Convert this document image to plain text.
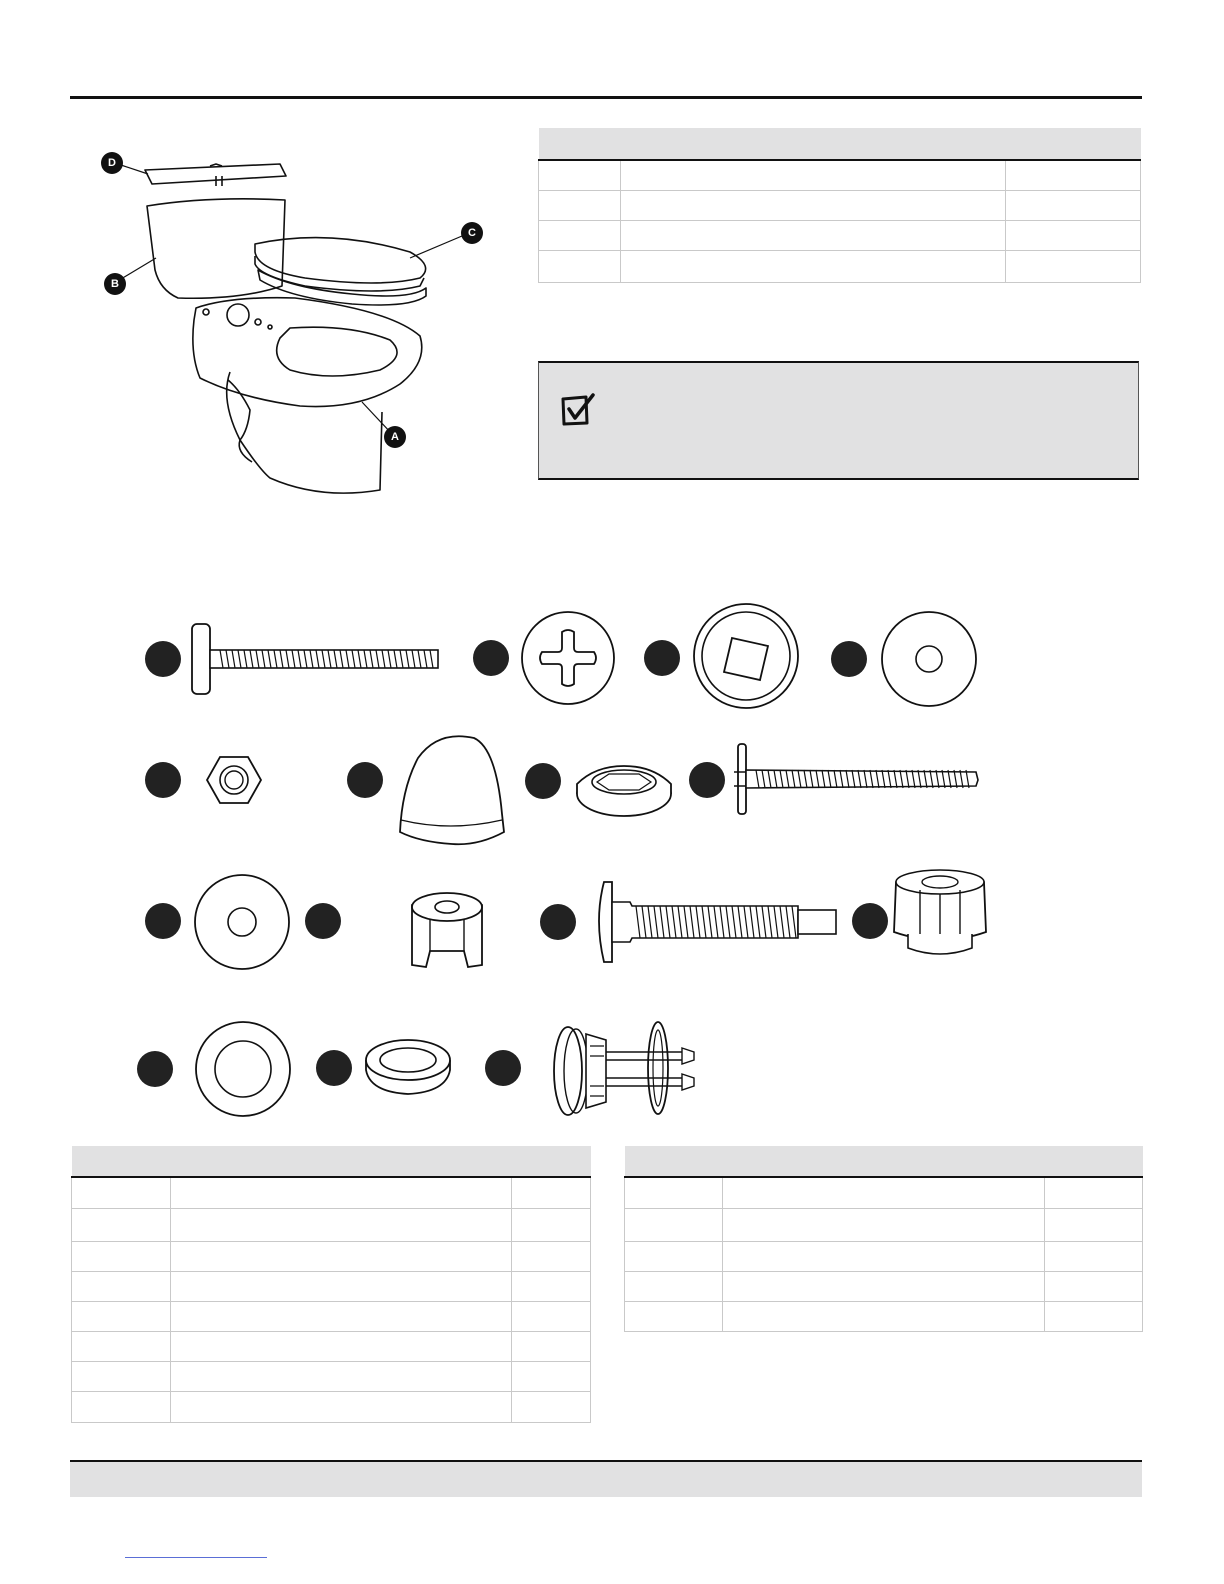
D
B
C
A
